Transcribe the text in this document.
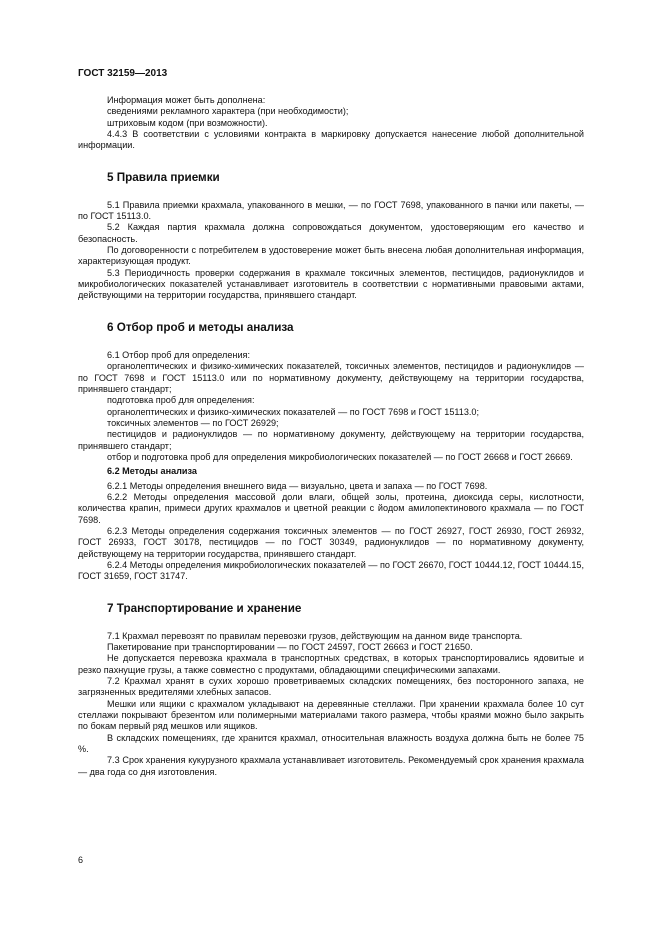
ГОСТ 32159—2013

Информация может быть дополнена:

сведениями рекламного характера (при необходимости);

штриховым кодом (при возможности).

4.4.3 В соответствии с условиями контракта в маркировку допускается нанесение любой дополнительной информации.

5 Правила приемки

5.1 Правила приемки крахмала, упакованного в мешки, — по ГОСТ 7698, упакованного в пачки или пакеты, — по ГОСТ 15113.0.

5.2 Каждая партия крахмала должна сопровождаться документом, удостоверяющим его качество и безопасность.

По договоренности с потребителем в удостоверение может быть внесена любая дополнительная информация, характеризующая продукт.

5.3 Периодичность проверки содержания в крахмале токсичных элементов, пестицидов, радионуклидов и микробиологических показателей устанавливает изготовитель в соответствии с нормативными правовыми актами, действующими на территории государства, принявшего стандарт.

6 Отбор проб и методы анализа

6.1 Отбор проб для определения:

органолептических и физико-химических показателей, токсичных элементов, пестицидов и радионуклидов — по ГОСТ 7698 и ГОСТ 15113.0 или по нормативному документу, действующему на территории государства, принявшего стандарт;

подготовка проб для определения:

органолептических и физико-химических показателей — по ГОСТ 7698 и ГОСТ 15113.0;

токсичных элементов — по ГОСТ 26929;

пестицидов и радионуклидов — по нормативному документу, действующему на территории государства, принявшего стандарт;

отбор и подготовка проб для определения микробиологических показателей — по ГОСТ 26668 и ГОСТ 26669.

6.2 Методы анализа

6.2.1 Методы определения внешнего вида — визуально, цвета и запаха — по ГОСТ 7698.

6.2.2 Методы определения массовой доли влаги, общей золы, протеина, диоксида серы, кислотности, количества крапин, примеси других крахмалов и цветной реакции с йодом амилопектинового крахмала — по ГОСТ 7698.

6.2.3 Методы определения содержания токсичных элементов — по ГОСТ 26927, ГОСТ 26930, ГОСТ 26932, ГОСТ 26933, ГОСТ 30178, пестицидов — по ГОСТ 30349, радионуклидов — по нормативному документу, действующему на территории государства, принявшего стандарт.

6.2.4 Методы определения микробиологических показателей — по ГОСТ 26670, ГОСТ 10444.12, ГОСТ 10444.15, ГОСТ 31659, ГОСТ 31747.

7 Транспортирование и хранение

7.1 Крахмал перевозят по правилам перевозки грузов, действующим на данном виде транспорта.

Пакетирование при транспортировании — по ГОСТ 24597, ГОСТ 26663 и ГОСТ 21650.

Не допускается перевозка крахмала в транспортных средствах, в которых транспортировались ядовитые и резко пахнущие грузы, а также совместно с продуктами, обладающими специфическими запахами.

7.2 Крахмал хранят в сухих хорошо проветриваемых складских помещениях, без посторонного запаха, не загрязненных вредителями хлебных запасов.

Мешки или ящики с крахмалом укладывают на деревянные стеллажи. При хранении крахмала более 10 сут стеллажи покрывают брезентом или полимерными материалами такого размера, чтобы краями можно было закрыть по бокам первый ряд мешков или ящиков.

В складских помещениях, где хранится крахмал, относительная влажность воздуха должна быть не более 75 %.

7.3 Срок хранения кукурузного крахмала устанавливает изготовитель. Рекомендуемый срок хранения крахмала — два года со дня изготовления.

6
